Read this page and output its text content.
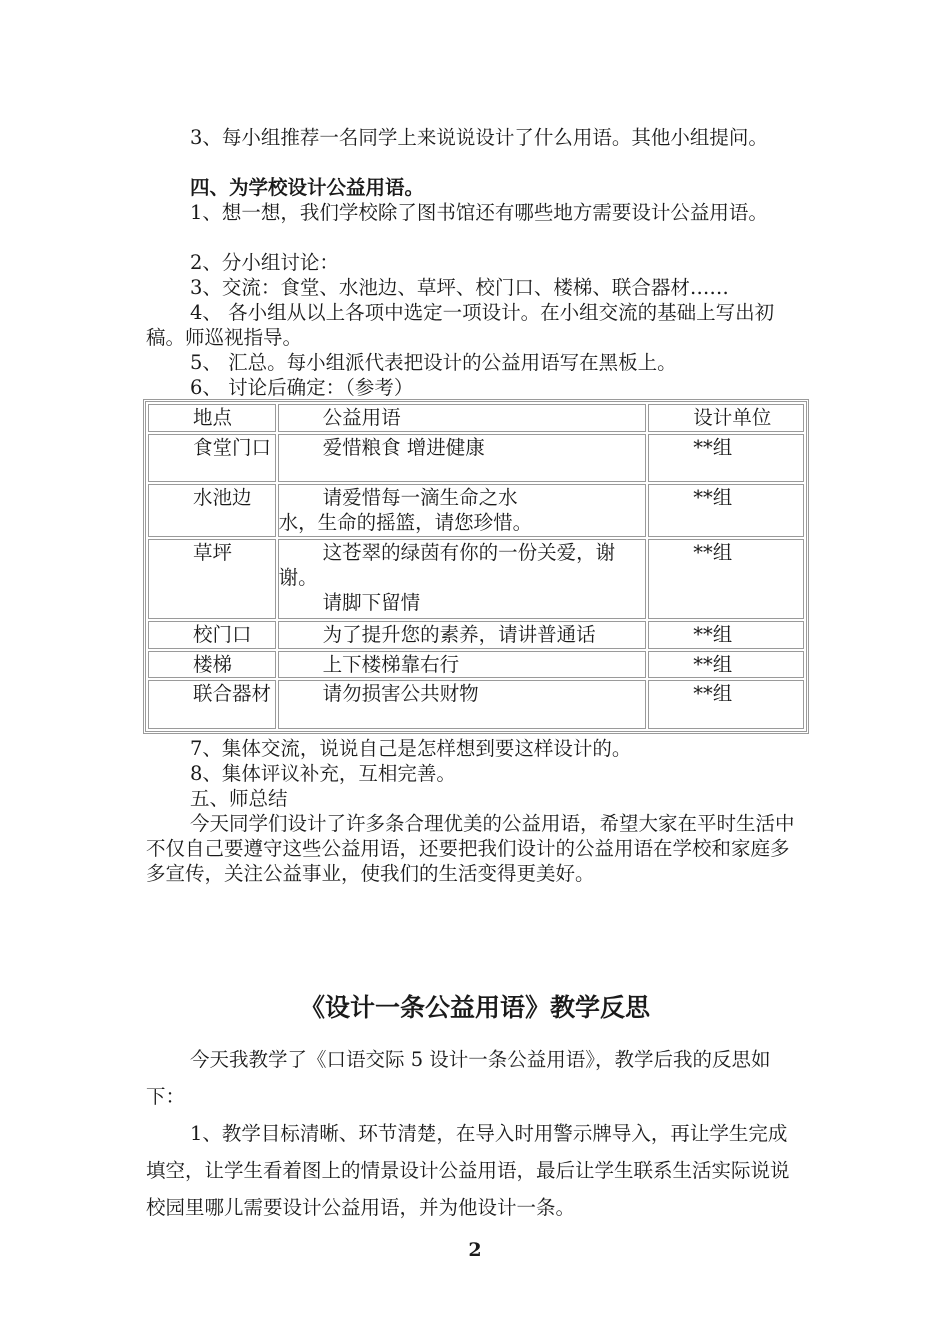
3、每小组推荐一名同学上来说说设计了什么用语。其他小组提问。

四、为学校设计公益用语。

1、想一想，我们学校除了图书馆还有哪些地方需要设计公益用语。

2、分小组讨论：

3、交流：食堂、水池边、草坪、校门口、楼梯、联合器材……

4、 各小组从以上各项中选定一项设计。在小组交流的基础上写出初稿。师巡视指导。

5、 汇总。每小组派代表把设计的公益用语写在黑板上。

6、 讨论后确定：（参考）

地点	公益用语	设计单位

食堂门口	爱惜粮食 增进健康	**组

水池边	请爱惜每一滴生命之水
水，生命的摇篮，请您珍惜。	**组

草坪	这苍翠的绿茵有你的一份关爱，谢谢。
请脚下留情	**组

校门口	为了提升您的素养，请讲普通话	**组

楼梯	上下楼梯靠右行	**组

联合器材	请勿损害公共财物	**组

7、集体交流，说说自己是怎样想到要这样设计的。

8、集体评议补充，互相完善。

五、师总结

今天同学们设计了许多条合理优美的公益用语，希望大家在平时生活中不仅自己要遵守这些公益用语，还要把我们设计的公益用语在学校和家庭多多宣传，关注公益事业，使我们的生活变得更美好。

《设计一条公益用语》教学反思

今天我教学了《口语交际 5 设计一条公益用语》，教学后我的反思如下：

1、教学目标清晰、环节清楚，在导入时用警示牌导入，再让学生完成填空，让学生看着图上的情景设计公益用语，最后让学生联系生活实际说说校园里哪儿需要设计公益用语，并为他设计一条。

2
